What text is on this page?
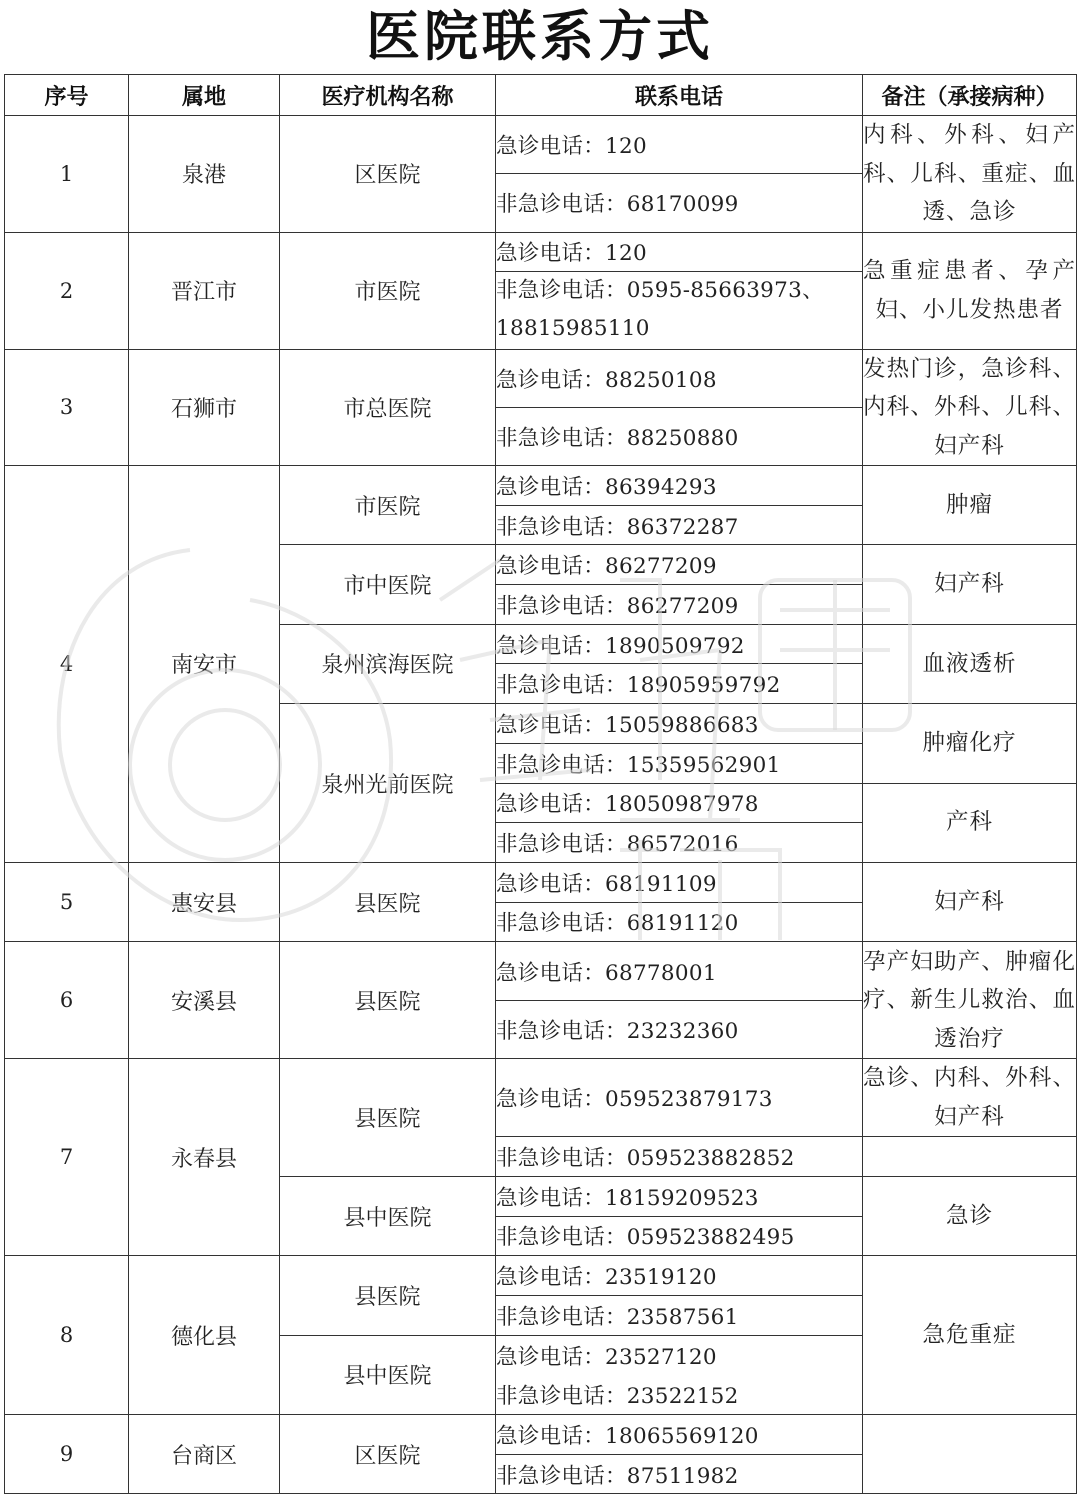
医院联系方式
序号	属地	医疗机构名称	联系电话	备注（承接病种）
1	泉港	区医院	急诊电话：120	内科、外科、妇产科、儿科、重症、血透、急诊
			非急诊电话：68170099	
2	晋江市	市医院	急诊电话：120	急重症患者、孕产妇、小儿发热患者
			非急诊电话：0595-85663973、18815985110	
3	石狮市	市总医院	急诊电话：88250108	发热门诊，急诊科、内科、外科、儿科、妇产科
			非急诊电话：88250880	
4	南安市	市医院	急诊电话：86394293	肿瘤
			非急诊电话：86372287	
		市中医院	急诊电话：86277209	妇产科
			非急诊电话：86277209	
		泉州滨海医院	急诊电话：1890509792	血液透析
			非急诊电话：18905959792	
		泉州光前医院	急诊电话：15059886683	肿瘤化疗
			非急诊电话：15359562901	
			急诊电话：18050987978	产科
			非急诊电话：86572016	
5	惠安县	县医院	急诊电话：68191109	妇产科
			非急诊电话：68191120	
6	安溪县	县医院	急诊电话：68778001	孕产妇助产、肿瘤化疗、新生儿救治、血透治疗
			非急诊电话：23232360	
7	永春县	县医院	急诊电话：059523879173	急诊、内科、外科、妇产科
			非急诊电话：059523882852	
		县中医院	急诊电话：18159209523	急诊
			非急诊电话：059523882495	
8	德化县	县医院	急诊电话：23519120	急危重症
			非急诊电话：23587561	
		县中医院	急诊电话：23527120	
			非急诊电话：23522152	
9	台商区	区医院	急诊电话：18065569120	
			非急诊电话：87511982	
